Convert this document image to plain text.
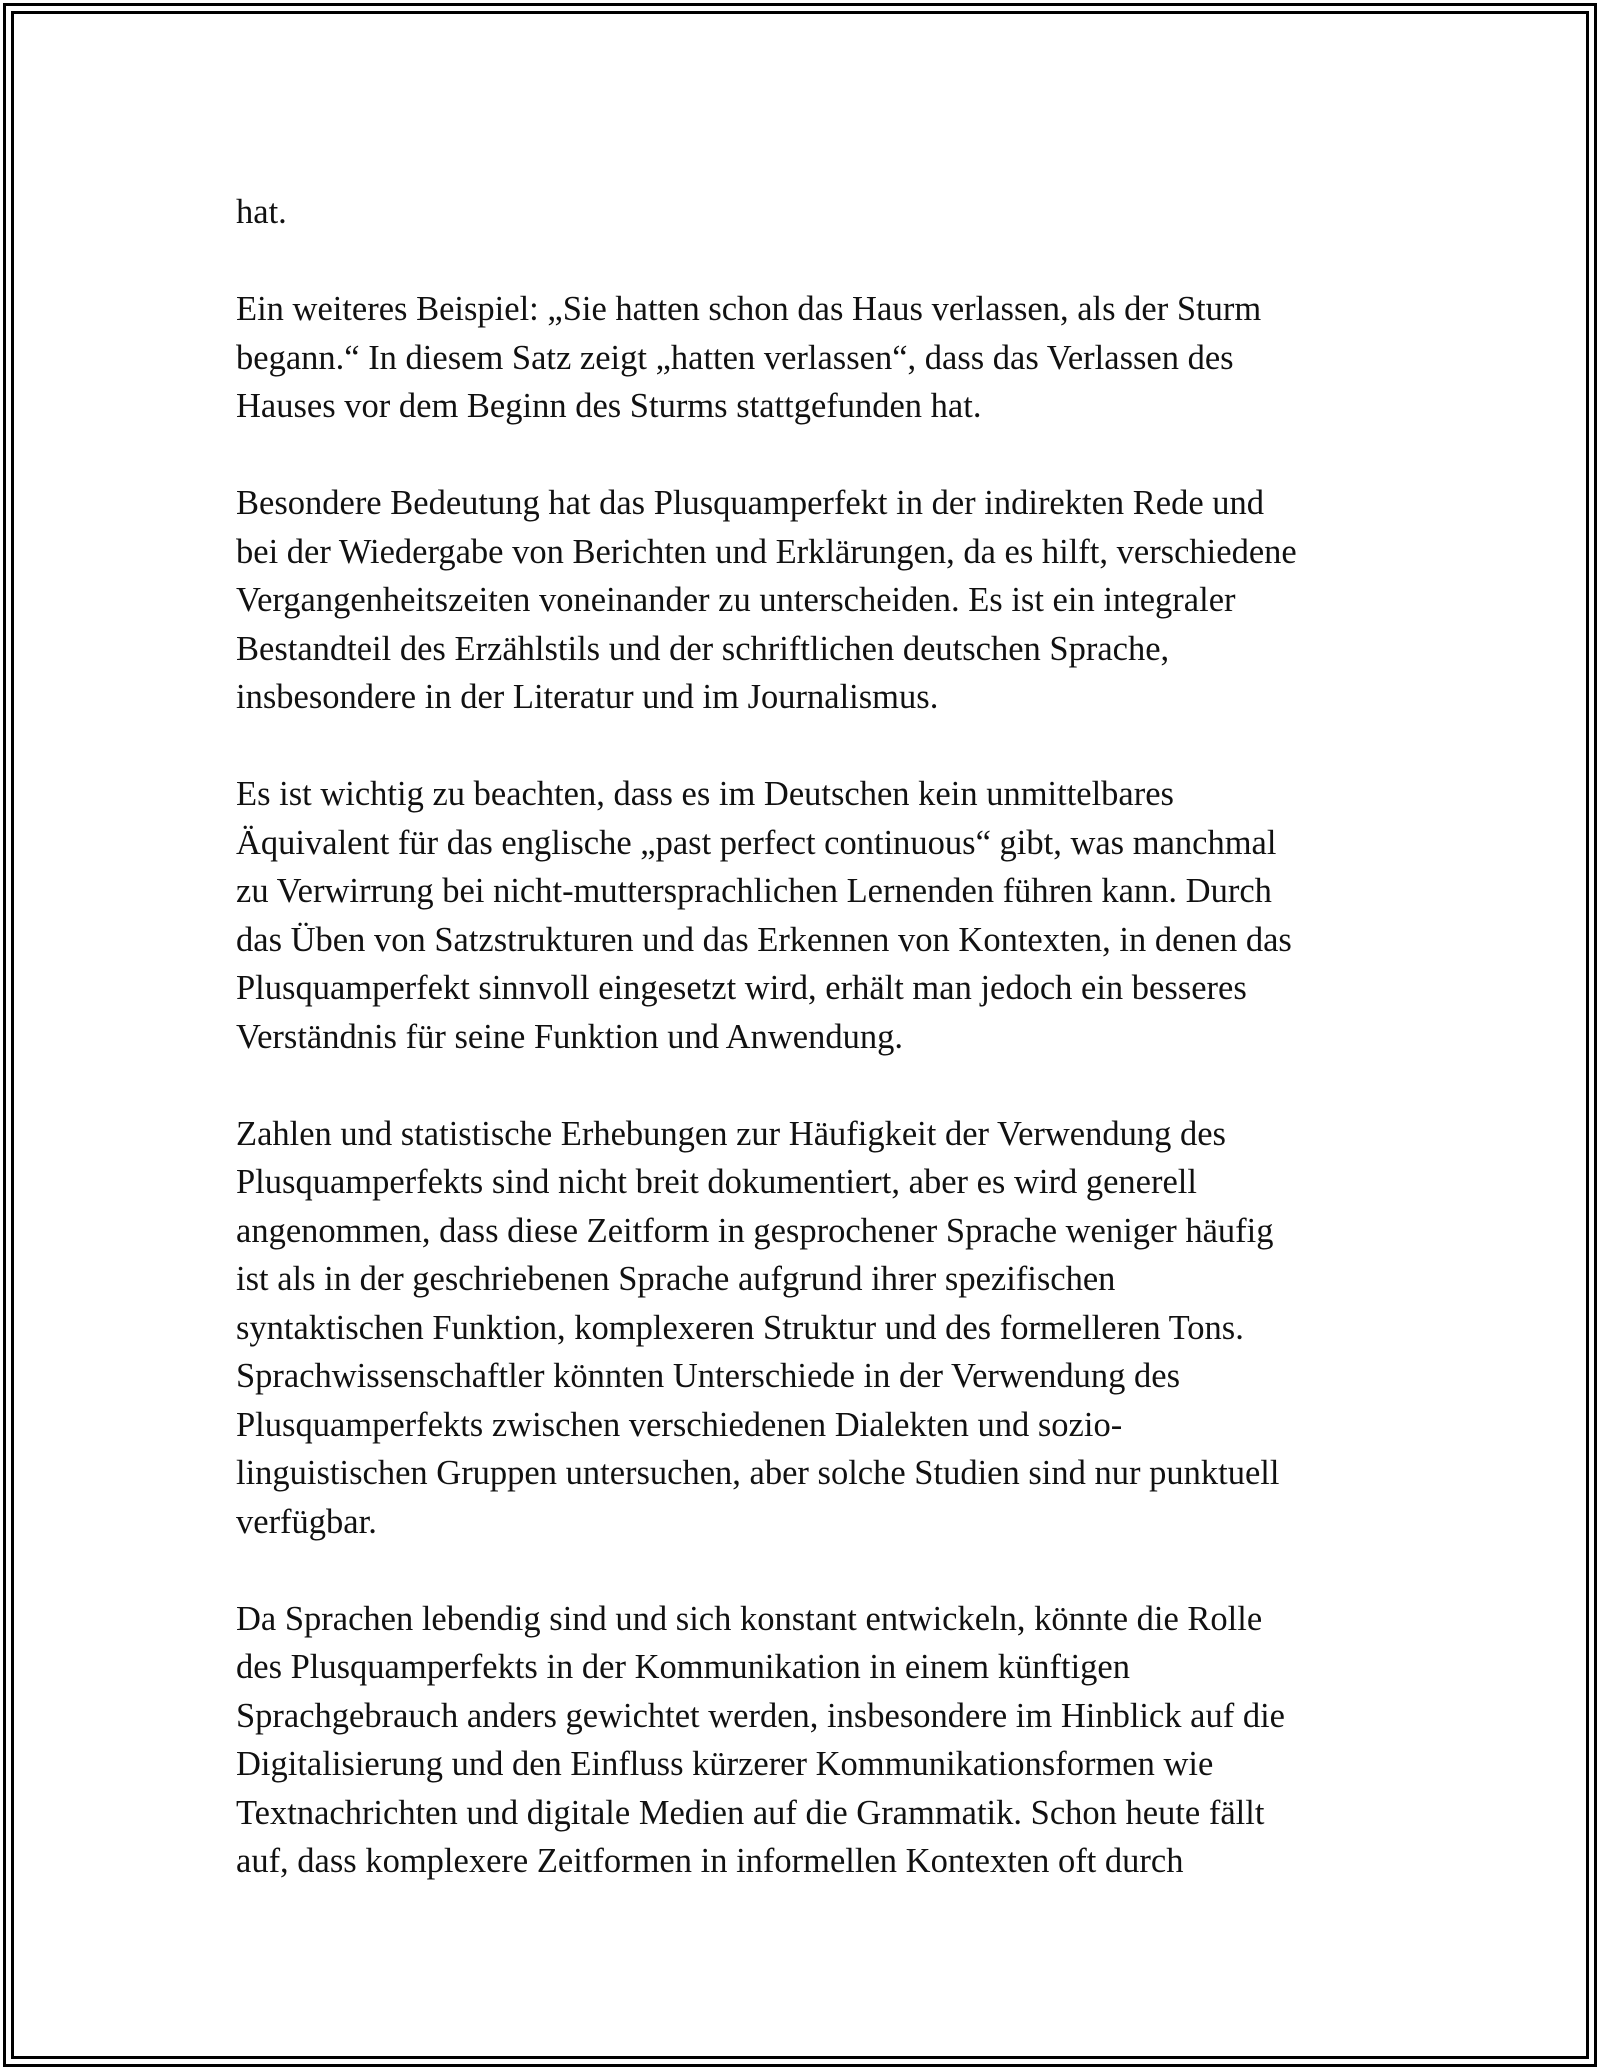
hat.

Ein weiteres Beispiel: „Sie hatten schon das Haus verlassen, als der Sturm
begann.“ In diesem Satz zeigt „hatten verlassen“, dass das Verlassen des
Hauses vor dem Beginn des Sturms stattgefunden hat.

Besondere Bedeutung hat das Plusquamperfekt in der indirekten Rede und
bei der Wiedergabe von Berichten und Erklärungen, da es hilft, verschiedene
Vergangenheitszeiten voneinander zu unterscheiden. Es ist ein integraler
Bestandteil des Erzählstils und der schriftlichen deutschen Sprache,
insbesondere in der Literatur und im Journalismus.

Es ist wichtig zu beachten, dass es im Deutschen kein unmittelbares
Äquivalent für das englische „past perfect continuous“ gibt, was manchmal
zu Verwirrung bei nicht-muttersprachlichen Lernenden führen kann. Durch
das Üben von Satzstrukturen und das Erkennen von Kontexten, in denen das
Plusquamperfekt sinnvoll eingesetzt wird, erhält man jedoch ein besseres
Verständnis für seine Funktion und Anwendung.

Zahlen und statistische Erhebungen zur Häufigkeit der Verwendung des
Plusquamperfekts sind nicht breit dokumentiert, aber es wird generell
angenommen, dass diese Zeitform in gesprochener Sprache weniger häufig
ist als in der geschriebenen Sprache aufgrund ihrer spezifischen
syntaktischen Funktion, komplexeren Struktur und des formelleren Tons.
Sprachwissenschaftler könnten Unterschiede in der Verwendung des
Plusquamperfekts zwischen verschiedenen Dialekten und sozio-
linguistischen Gruppen untersuchen, aber solche Studien sind nur punktuell
verfügbar.

Da Sprachen lebendig sind und sich konstant entwickeln, könnte die Rolle
des Plusquamperfekts in der Kommunikation in einem künftigen
Sprachgebrauch anders gewichtet werden, insbesondere im Hinblick auf die
Digitalisierung und den Einfluss kürzerer Kommunikationsformen wie
Textnachrichten und digitale Medien auf die Grammatik. Schon heute fällt
auf, dass komplexere Zeitformen in informellen Kontexten oft durch
